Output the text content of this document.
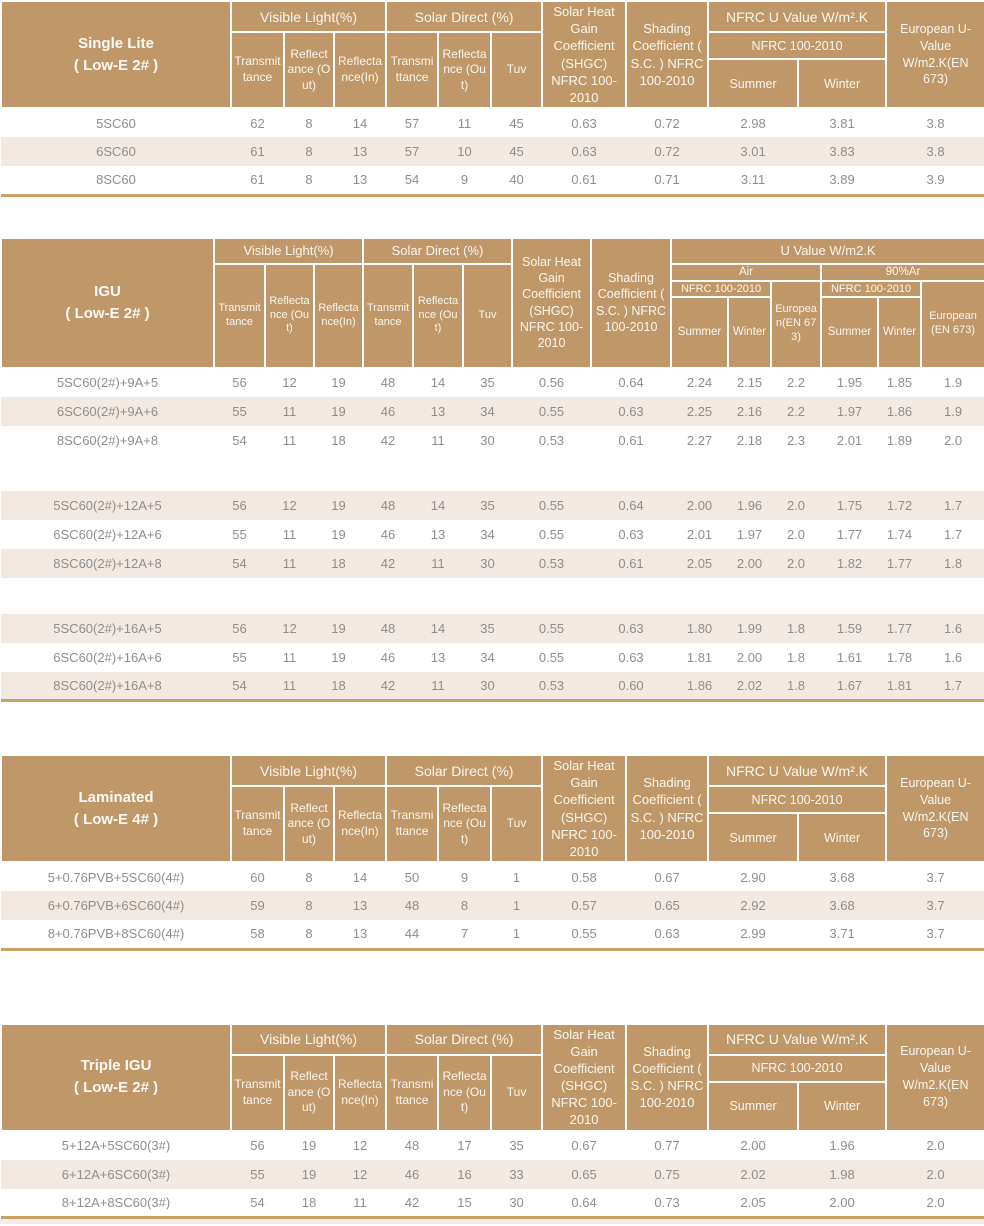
Single Lite
( Low-E 2# )	Visible Light(%)			Solar Direct (%)			Solar Heat Gain Coefficient (SHGC) NFRC 100-2010	Shading Coefficient ( S.C. ) NFRC 100-2010	NFRC U Value W/m².K		European U-Value W/m2.K(EN 673)
	Transmittance	Reflectance (Out)	Reflectance(In)	Transmittance	Reflectance (Out)	Tuv			NFRC 100-2010		
									Summer	Winter	
5SC60	62	8	14	57	11	45	0.63	0.72	2.98	3.81	3.8
6SC60	61	8	13	57	10	45	0.63	0.72	3.01	3.83	3.8
8SC60	61	8	13	54	9	40	0.61	0.71	3.11	3.89	3.9
IGU
( Low-E 2# )	Visible Light(%)			Solar Direct (%)			Solar Heat Gain Coefficient (SHGC) NFRC 100-2010	Shading Coefficient ( S.C. ) NFRC 100-2010	U Value W/m2.K					
	Transmittance	Reflectance (Out)	Reflectance(In)	Transmittance	Reflectance (Out)	Tuv			Air			90%Ar		
									NFRC 100-2010		European(EN 673)	NFRC 100-2010		European (EN 673)
									Summer	Winter		Summer	Winter	
5SC60(2#)+9A+5	56	12	19	48	14	35	0.56	0.64	2.24	2.15	2.2	1.95	1.85	1.9
6SC60(2#)+9A+6	55	11	19	46	13	34	0.55	0.63	2.25	2.16	2.2	1.97	1.86	1.9
8SC60(2#)+9A+8	54	11	18	42	11	30	0.53	0.61	2.27	2.18	2.3	2.01	1.89	2.0

5SC60(2#)+12A+5	56	12	19	48	14	35	0.55	0.64	2.00	1.96	2.0	1.75	1.72	1.7
6SC60(2#)+12A+6	55	11	19	46	13	34	0.55	0.63	2.01	1.97	2.0	1.77	1.74	1.7
8SC60(2#)+12A+8	54	11	18	42	11	30	0.53	0.61	2.05	2.00	2.0	1.82	1.77	1.8

5SC60(2#)+16A+5	56	12	19	48	14	35	0.55	0.63	1.80	1.99	1.8	1.59	1.77	1.6
6SC60(2#)+16A+6	55	11	19	46	13	34	0.55	0.63	1.81	2.00	1.8	1.61	1.78	1.6
8SC60(2#)+16A+8	54	11	18	42	11	30	0.53	0.60	1.86	2.02	1.8	1.67	1.81	1.7
Laminated
( Low-E 4# )	Visible Light(%)			Solar Direct (%)			Solar Heat Gain Coefficient (SHGC) NFRC 100-2010	Shading Coefficient ( S.C. ) NFRC 100-2010	NFRC U Value W/m².K		European U-Value W/m2.K(EN 673)
	Transmittance	Reflectance (Out)	Reflectance(In)	Transmittance	Reflectance (Out)	Tuv			NFRC 100-2010		
									Summer	Winter	
5+0.76PVB+5SC60(4#)	60	8	14	50	9	1	0.58	0.67	2.90	3.68	3.7
6+0.76PVB+6SC60(4#)	59	8	13	48	8	1	0.57	0.65	2.92	3.68	3.7
8+0.76PVB+8SC60(4#)	58	8	13	44	7	1	0.55	0.63	2.99	3.71	3.7
Triple IGU
( Low-E 2# )	Visible Light(%)			Solar Direct (%)			Solar Heat Gain Coefficient (SHGC) NFRC 100-2010	Shading Coefficient ( S.C. ) NFRC 100-2010	NFRC U Value W/m².K		European U-Value W/m2.K(EN 673)
	Transmittance	Reflectance (Out)	Reflectance(In)	Transmittance	Reflectance (Out)	Tuv			NFRC 100-2010		
									Summer	Winter	
5+12A+5SC60(3#)	56	19	12	48	17	35	0.67	0.77	2.00	1.96	2.0
6+12A+6SC60(3#)	55	19	12	46	16	33	0.65	0.75	2.02	1.98	2.0
8+12A+8SC60(3#)	54	18	11	42	15	30	0.64	0.73	2.05	2.00	2.0
